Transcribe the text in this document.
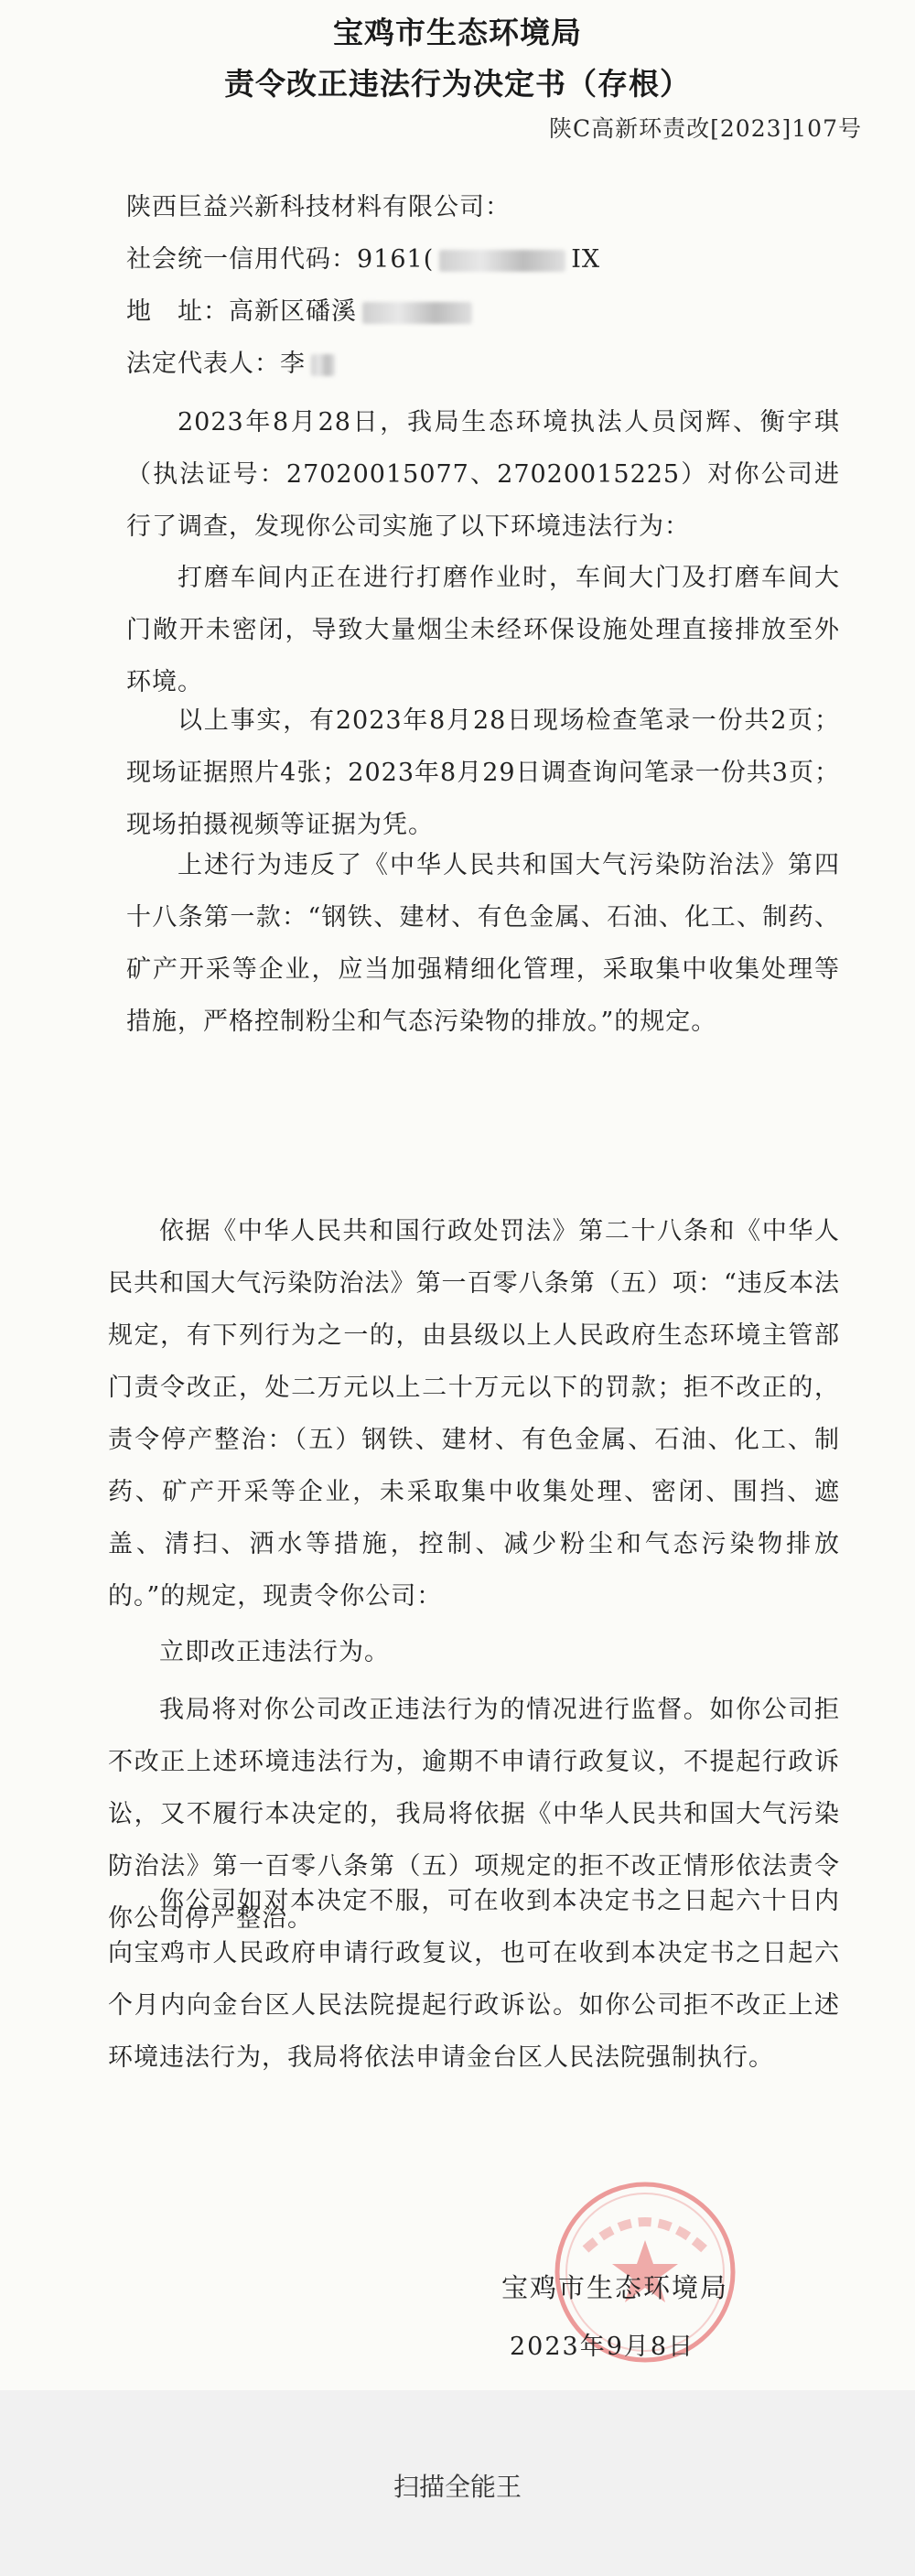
宝鸡市生态环境局
责令改正违法行为决定书（存根）
陕C高新环责改[2023]107号

陕西巨益兴新科技材料有限公司：

社会统一信用代码：9161(	IX

地　址：高新区磻溪

法定代表人：李

2023年8月28日，我局生态环境执法人员闵辉、衡宇琪（执法证号：27020015077、27020015225）对你公司进行了调查，发现你公司实施了以下环境违法行为：
打磨车间内正在进行打磨作业时，车间大门及打磨车间大门敞开未密闭，导致大量烟尘未经环保设施处理直接排放至外环境。
以上事实，有2023年8月28日现场检查笔录一份共2页；现场证据照片4张；2023年8月29日调查询问笔录一份共3页；现场拍摄视频等证据为凭。
上述行为违反了《中华人民共和国大气污染防治法》第四十八条第一款：“钢铁、建材、有色金属、石油、化工、制药、矿产开采等企业，应当加强精细化管理，采取集中收集处理等措施，严格控制粉尘和气态污染物的排放。”的规定。
依据《中华人民共和国行政处罚法》第二十八条和《中华人民共和国大气污染防治法》第一百零八条第（五）项：“违反本法规定，有下列行为之一的，由县级以上人民政府生态环境主管部门责令改正，处二万元以上二十万元以下的罚款；拒不改正的，责令停产整治：（五）钢铁、建材、有色金属、石油、化工、制药、矿产开采等企业，未采取集中收集处理、密闭、围挡、遮盖、清扫、洒水等措施，控制、减少粉尘和气态污染物排放的。”的规定，现责令你公司：
立即改正违法行为。
我局将对你公司改正违法行为的情况进行监督。如你公司拒不改正上述环境违法行为，逾期不申请行政复议，不提起行政诉讼，又不履行本决定的，我局将依据《中华人民共和国大气污染防治法》第一百零八条第（五）项规定的拒不改正情形依法责令你公司停产整治。
你公司如对本决定不服，可在收到本决定书之日起六十日内向宝鸡市人民政府申请行政复议，也可在收到本决定书之日起六个月内向金台区人民法院提起行政诉讼。如你公司拒不改正上述环境违法行为，我局将依法申请金台区人民法院强制执行。
宝鸡市生态环境局
2023年9月8日
扫描全能王
